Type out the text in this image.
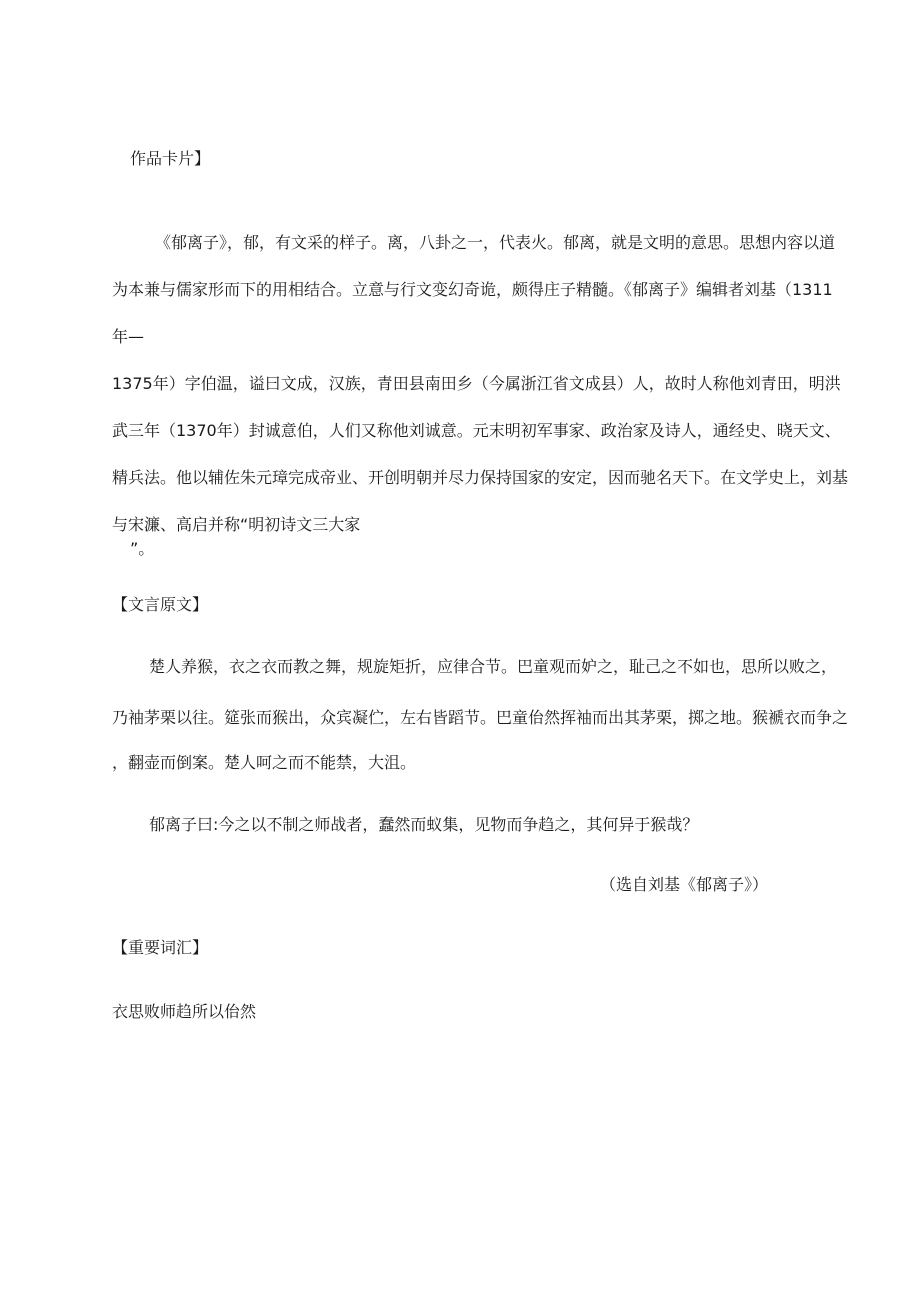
作品卡片】
《郁离子》，郁，有文采的样子。离，八卦之一，代表火。郁离，就是文明的意思。思想内容以道
为本兼与儒家形而下的用相结合。立意与行文变幻奇诡，颇得庄子精髓。《郁离子》编辑者刘基（1311
年—
1375年）字伯温，谥曰文成，汉族，青田县南田乡（今属浙江省文成县）人，故时人称他刘青田，明洪
武三年（1370年）封诚意伯，人们又称他刘诚意。元末明初军事家、政治家及诗人，通经史、晓天文、
精兵法。他以辅佐朱元璋完成帝业、开创明朝并尽力保持国家的安定，因而驰名天下。在文学史上，刘基
与宋濂、高启并称“明初诗文三大家
”。
【文言原文】
楚人养猴，衣之衣而教之舞，规旋矩折，应律合节。巴童观而妒之，耻己之不如也，思所以败之，
乃袖茅栗以往。筵张而猴出，众宾凝伫，左右皆蹈节。巴童佁然挥袖而出其茅栗，掷之地。猴褫衣而争之
，翻壶而倒案。楚人呵之而不能禁，大沮。
郁离子曰:今之以不制之师战者，蠢然而蚁集，见物而争趋之，其何异于猴哉？
（选自刘基《郁离子》）
【重要词汇】
衣思败师趋所以佁然
